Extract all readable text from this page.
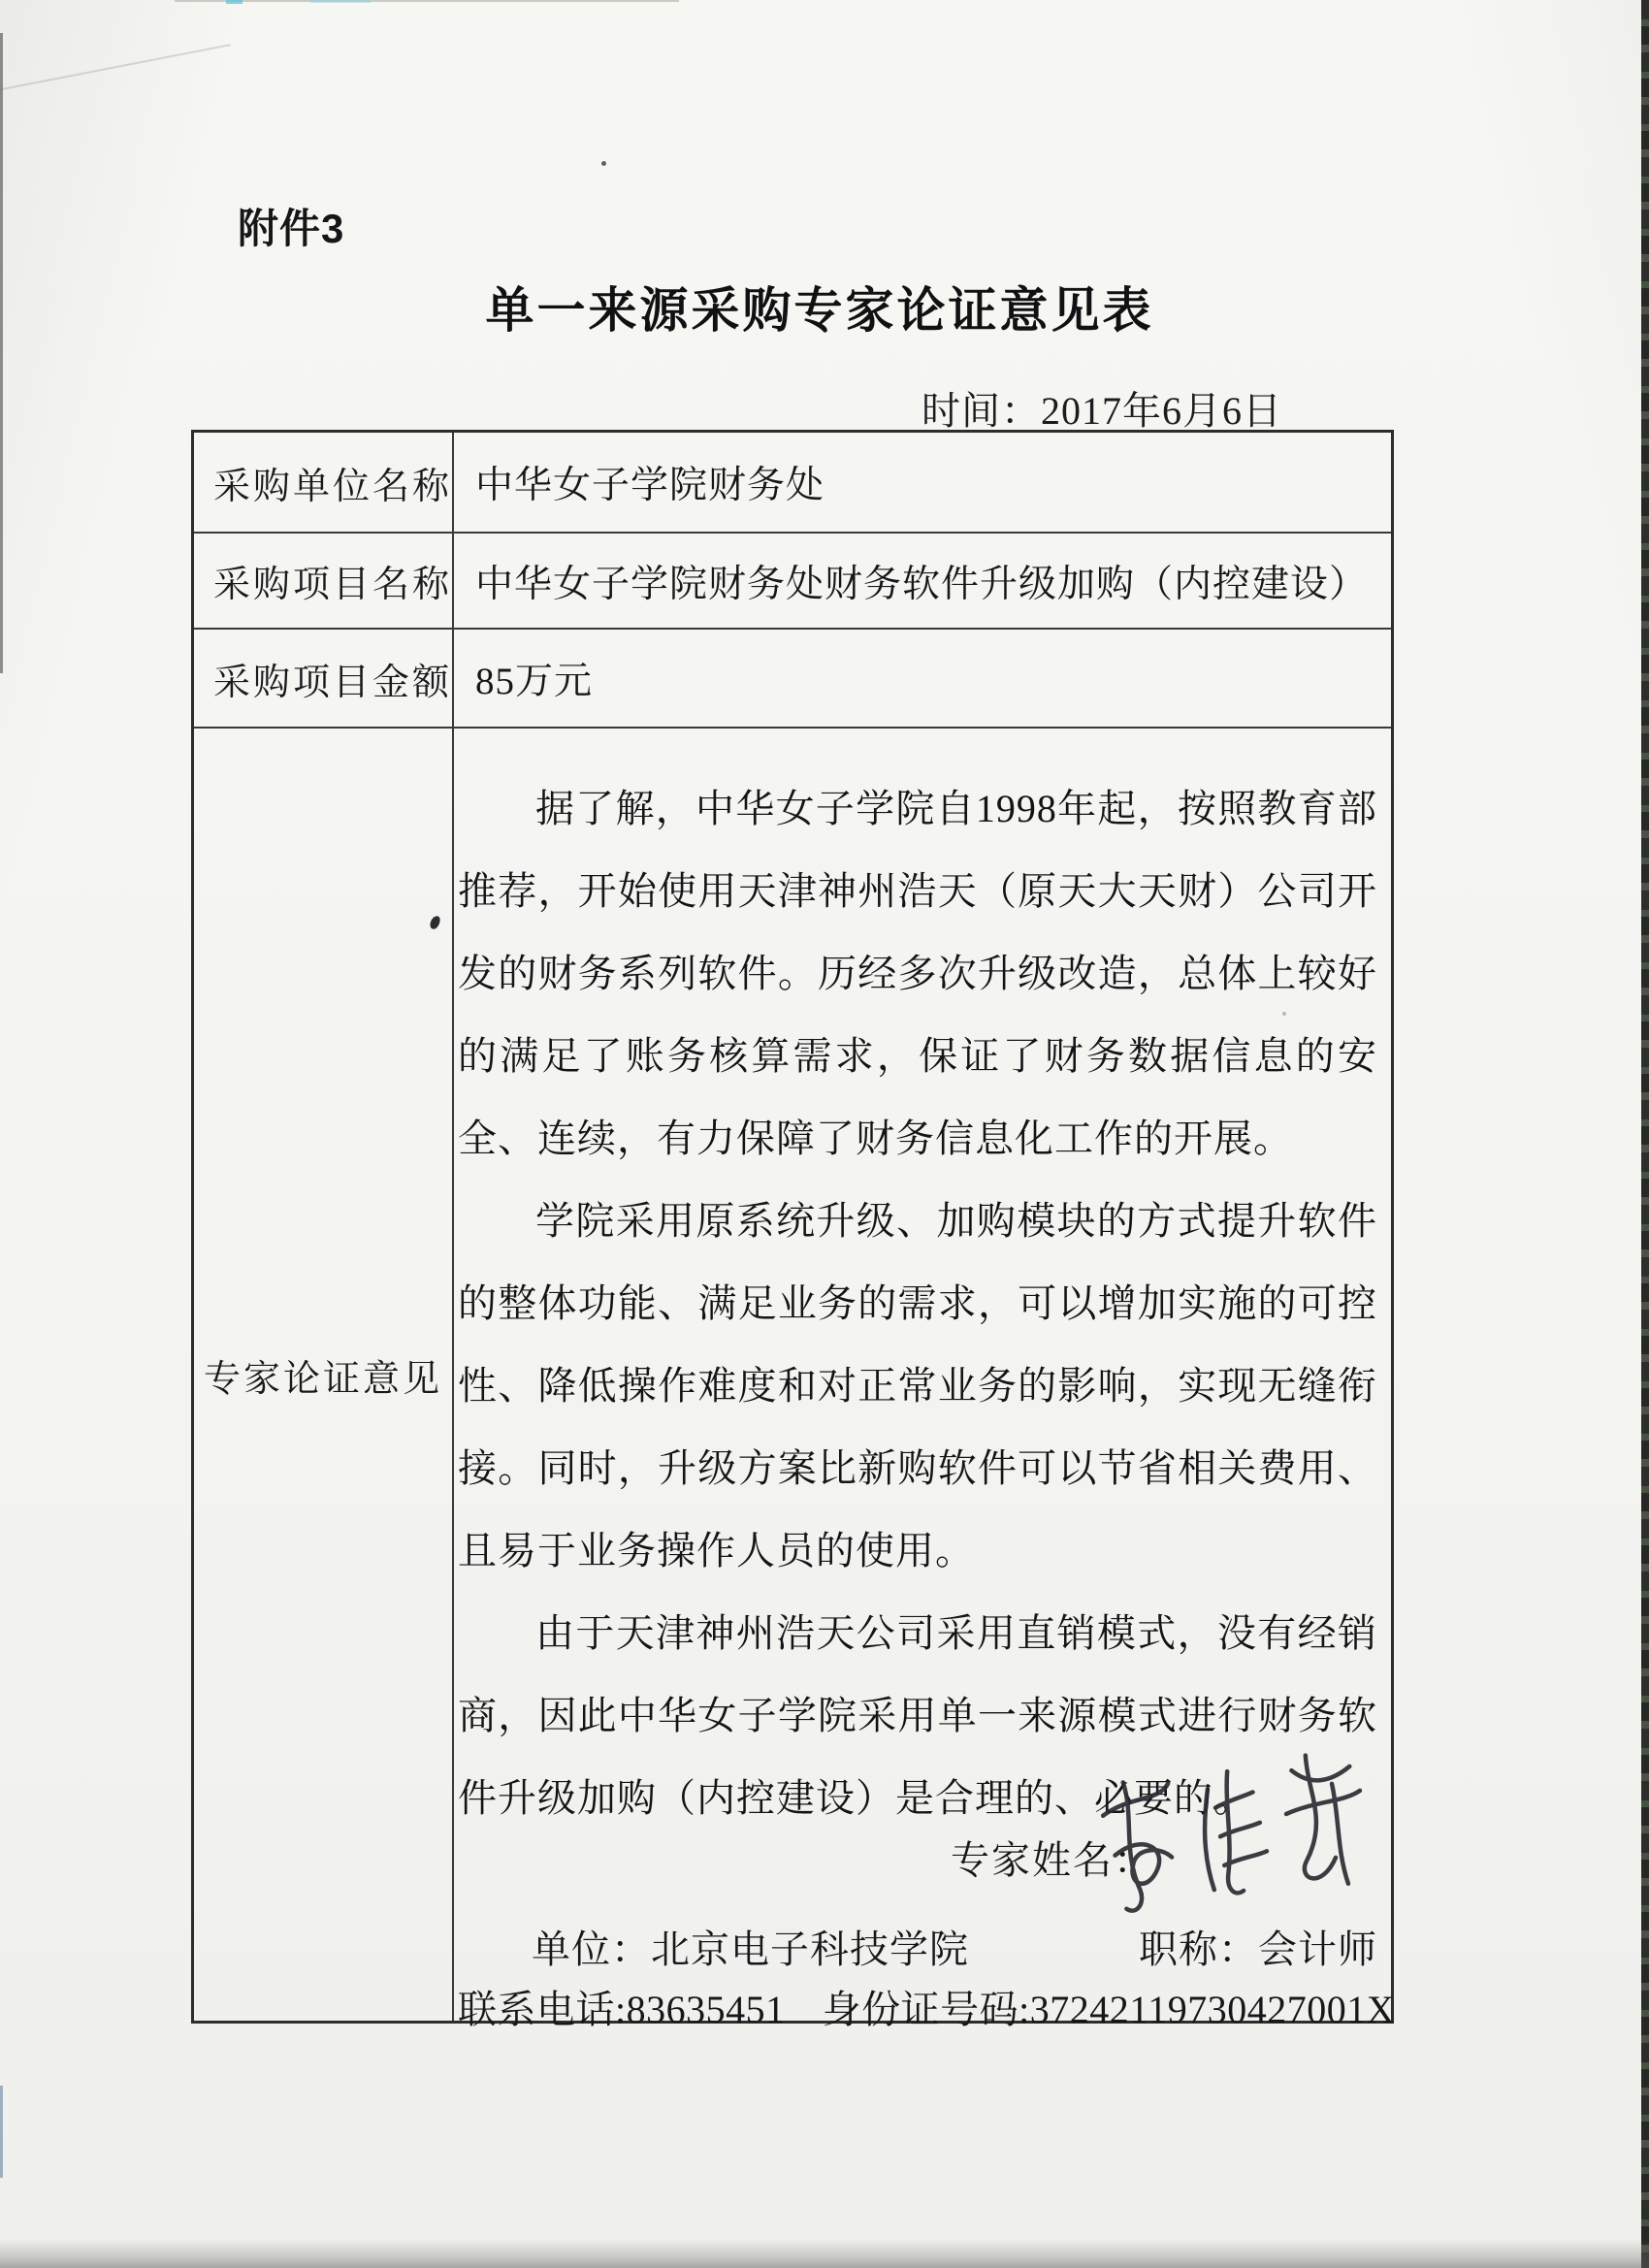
附件3
单一来源采购专家论证意见表
时间：2017年6月6日
采购单位名称 中华女子学院财务处
采购项目名称 中华女子学院财务处财务软件升级加购（内控建设）
采购项目金额 85万元
专家论证意见

据了解，中华女子学院自1998年起，按照教育部推荐，开始使用天津神州浩天（原天大天财）公司开发的财务系列软件。历经多次升级改造，总体上较好的满足了账务核算需求，保证了财务数据信息的安全、连续，有力保障了财务信息化工作的开展。

学院采用原系统升级、加购模块的方式提升软件的整体功能、满足业务的需求，可以增加实施的可控性、降低操作难度和对正常业务的影响，实现无缝衔接。同时，升级方案比新购软件可以节省相关费用、且易于业务操作人员的使用。

由于天津神州浩天公司采用直销模式，没有经销商，因此中华女子学院采用单一来源模式进行财务软件升级加购（内控建设）是合理的、必要的。

专家姓名：
单位：北京电子科技学院	职称：会计师
联系电话:83635451 身份证号码:37242119730427001X
